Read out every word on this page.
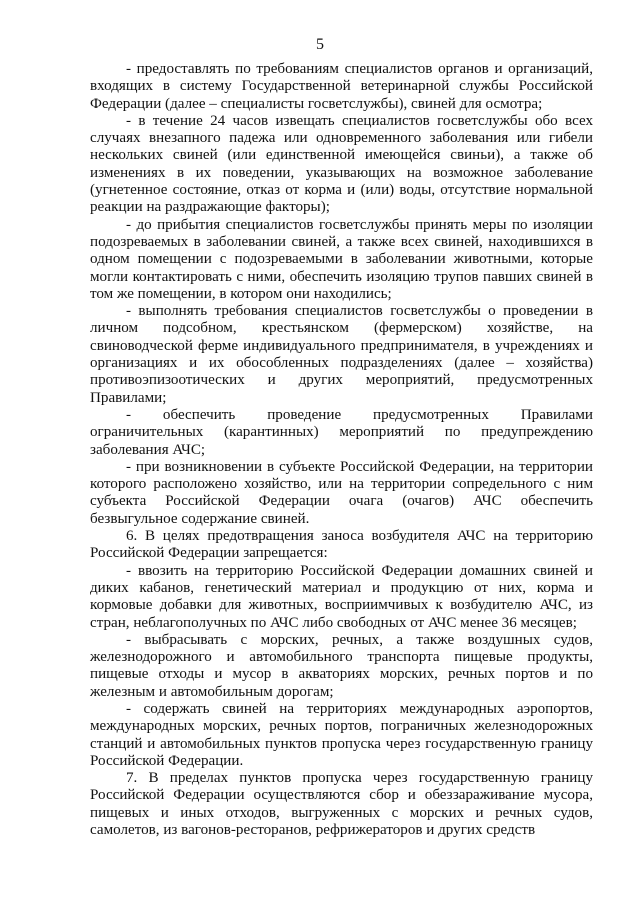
5

- предоставлять по требованиям специалистов органов и организаций, входящих в систему Государственной ветеринарной службы Российской Федерации (далее – специалисты госветслужбы), свиней для осмотра;

- в течение 24 часов извещать специалистов госветслужбы обо всех случаях внезапного падежа или одновременного заболевания или гибели нескольких свиней (или единственной имеющейся свиньи), а также об изменениях в их поведении, указывающих на возможное заболевание (угнетенное состояние, отказ от корма и (или) воды, отсутствие нормальной реакции на раздражающие факторы);

- до прибытия специалистов госветслужбы принять меры по изоляции подозреваемых в заболевании свиней, а также всех свиней, находившихся в одном помещении с подозреваемыми в заболевании животными, которые могли контактировать с ними, обеспечить изоляцию трупов павших свиней в том же помещении, в котором они находились;

- выполнять требования специалистов госветслужбы о проведении в личном подсобном, крестьянском (фермерском) хозяйстве, на свиноводческой ферме индивидуального предпринимателя, в учреждениях и организациях и их обособленных подразделениях (далее – хозяйства) противоэпизоотических и других мероприятий, предусмотренных Правилами;

- обеспечить проведение предусмотренных Правилами ограничительных (карантинных) мероприятий по предупреждению заболевания АЧС;

- при возникновении в субъекте Российской Федерации, на территории которого расположено хозяйство, или на территории сопредельного с ним субъекта Российской Федерации очага (очагов) АЧС обеспечить безвыгульное содержание свиней.

6. В целях предотвращения заноса возбудителя АЧС на территорию Российской Федерации запрещается:

- ввозить на территорию Российской Федерации домашних свиней и диких кабанов, генетический материал и продукцию от них, корма и кормовые добавки для животных, восприимчивых к возбудителю АЧС, из стран, неблагополучных по АЧС либо свободных от АЧС менее 36 месяцев;

- выбрасывать с морских, речных, а также воздушных судов, железнодорожного и автомобильного транспорта пищевые продукты, пищевые отходы и мусор в акваториях морских, речных портов и по железным и автомобильным дорогам;

- содержать свиней на территориях международных аэропортов, международных морских, речных портов, пограничных железнодорожных станций и автомобильных пунктов пропуска через государственную границу Российской Федерации.

7. В пределах пунктов пропуска через государственную границу Российской Федерации осуществляются сбор и обеззараживание мусора, пищевых и иных отходов, выгруженных с морских и речных судов, самолетов, из вагонов-ресторанов, рефрижераторов и других средств
